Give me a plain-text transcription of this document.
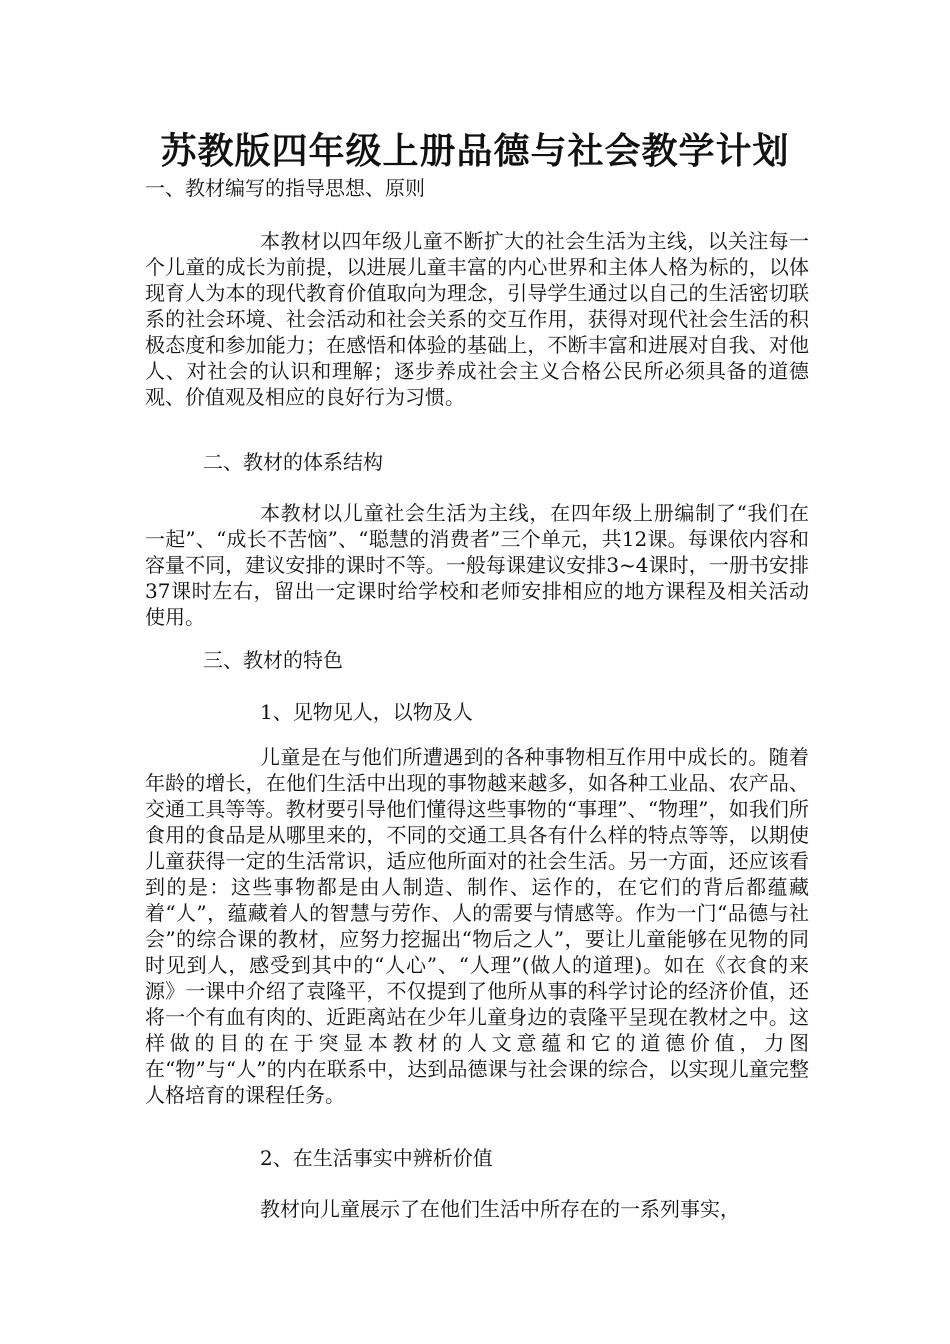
苏教版四年级上册品德与社会教学计划
一、教材编写的指导思想、原则
本教材以四年级儿童不断扩大的社会生活为主线，以关注每一个儿童的成长为前提，以进展儿童丰富的内心世界和主体人格为标的，以体现育人为本的现代教育价值取向为理念，引导学生通过以自己的生活密切联系的社会环境、社会活动和社会关系的交互作用，获得对现代社会生活的积极态度和参加能力；在感悟和体验的基础上，不断丰富和进展对自我、对他人、对社会的认识和理解；逐步养成社会主义合格公民所必须具备的道德观、价值观及相应的良好行为习惯。
二、教材的体系结构
本教材以儿童社会生活为主线，在四年级上册编制了“我们在一起”、“成长不苦恼”、“聪慧的消费者”三个单元，共12课。每课依内容和容量不同，建议安排的课时不等。一般每课建议安排3~4课时，一册书安排37课时左右，留出一定课时给学校和老师安排相应的地方课程及相关活动使用。
三、教材的特色
1、见物见人，以物及人
儿童是在与他们所遭遇到的各种事物相互作用中成长的。随着年龄的增长，在他们生活中出现的事物越来越多，如各种工业品、农产品、交通工具等等。教材要引导他们懂得这些事物的“事理”、“物理”，如我们所食用的食品是从哪里来的，不同的交通工具各有什么样的特点等等，以期使儿童获得一定的生活常识，适应他所面对的社会生活。另一方面，还应该看到的是：这些事物都是由人制造、制作、运作的，在它们的背后都蕴藏着“人”，蕴藏着人的智慧与劳作、人的需要与情感等。作为一门“品德与社会”的综合课的教材，应努力挖掘出“物后之人”，要让儿童能够在见物的同时见到人，感受到其中的“人心”、“人理”(做人的道理)。如在《衣食的来源》一课中介绍了袁隆平，不仅提到了他所从事的科学讨论的经济价值，还将一个有血有肉的、近距离站在少年儿童身边的袁隆平呈现在教材之中。这样做的目的在于突显本教材的人文意蕴和它的道德价值，力图在“物”与“人”的内在联系中，达到品德课与社会课的综合，以实现儿童完整人格培育的课程任务。
2、在生活事实中辨析价值
教材向儿童展示了在他们生活中所存在的一系列事实，
